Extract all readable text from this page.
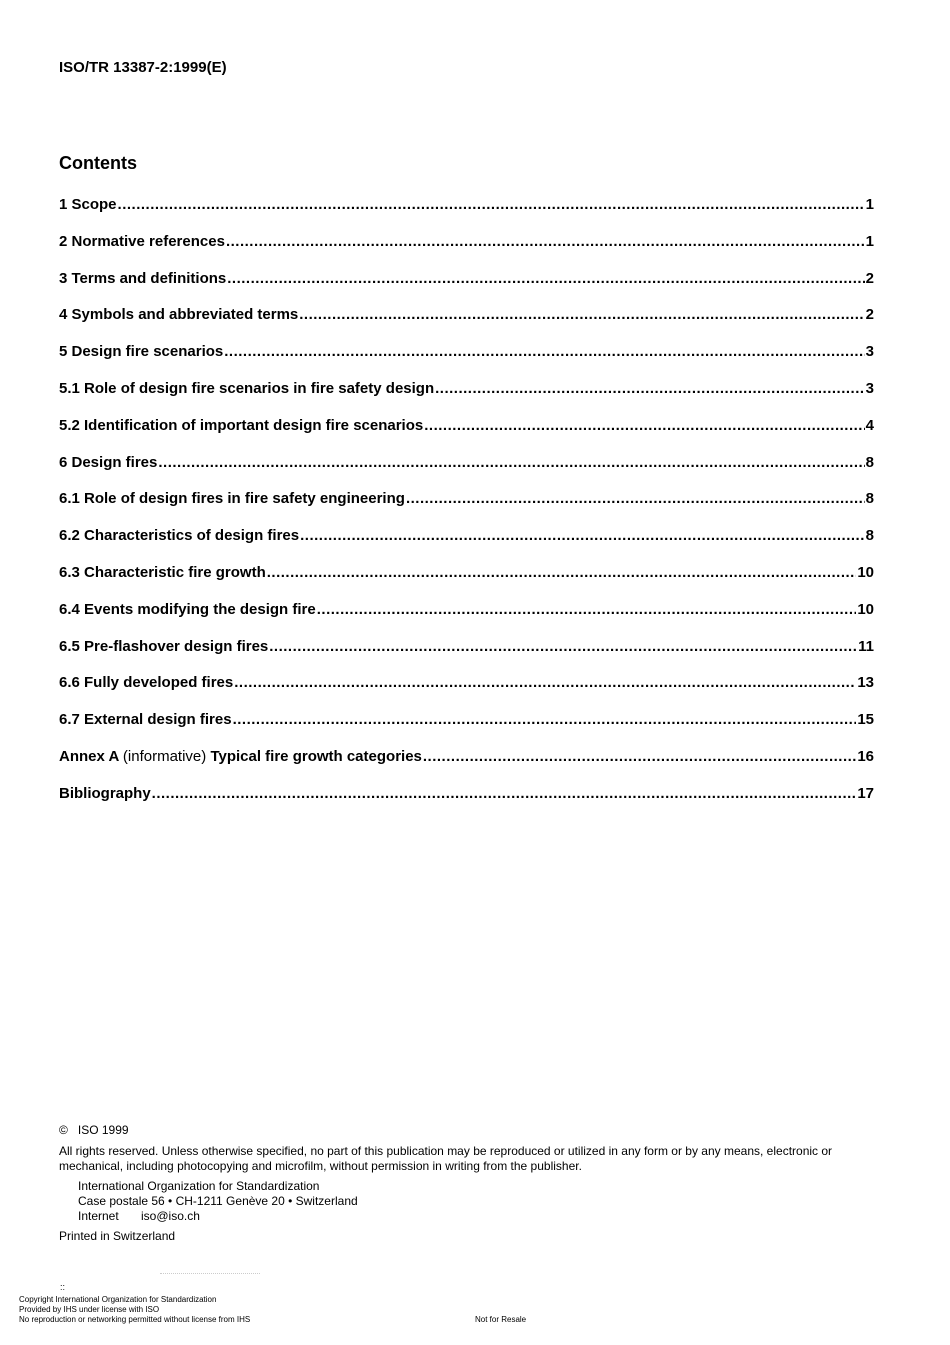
ISO/TR 13387-2:1999(E)

Contents
1 Scope .....	1
2 Normative references .....	1
3 Terms and definitions .....	2
4 Symbols and abbreviated terms .....	2
5 Design fire scenarios .....	3
5.1 Role of design fire scenarios in fire safety design .....	3
5.2 Identification of important design fire scenarios .....	4
6 Design fires .....	8
6.1 Role of design fires in fire safety engineering .....	8
6.2 Characteristics of design fires .....	8
6.3 Characteristic fire growth .....	10
6.4 Events modifying the design fire .....	10
6.5 Pre-flashover design fires .....	11
6.6 Fully developed fires .....	13
6.7 External design fires .....	15
Annex A (informative) Typical fire growth categories .....	16
Bibliography .....	17

© ISO 1999

All rights reserved. Unless otherwise specified, no part of this publication may be reproduced or utilized in any form or by any means, electronic or mechanical, including photocopying and microfilm, without permission in writing from the publisher.

International Organization for Standardization

Case postale 56 • CH-1211 Genève 20 • Switzerland

Internet iso@iso.ch

Printed in Switzerland

::

Copyright International Organization for Standardization

Provided by IHS under license with ISO

No reproduction or networking permitted without license from IHS	Not for Resale
